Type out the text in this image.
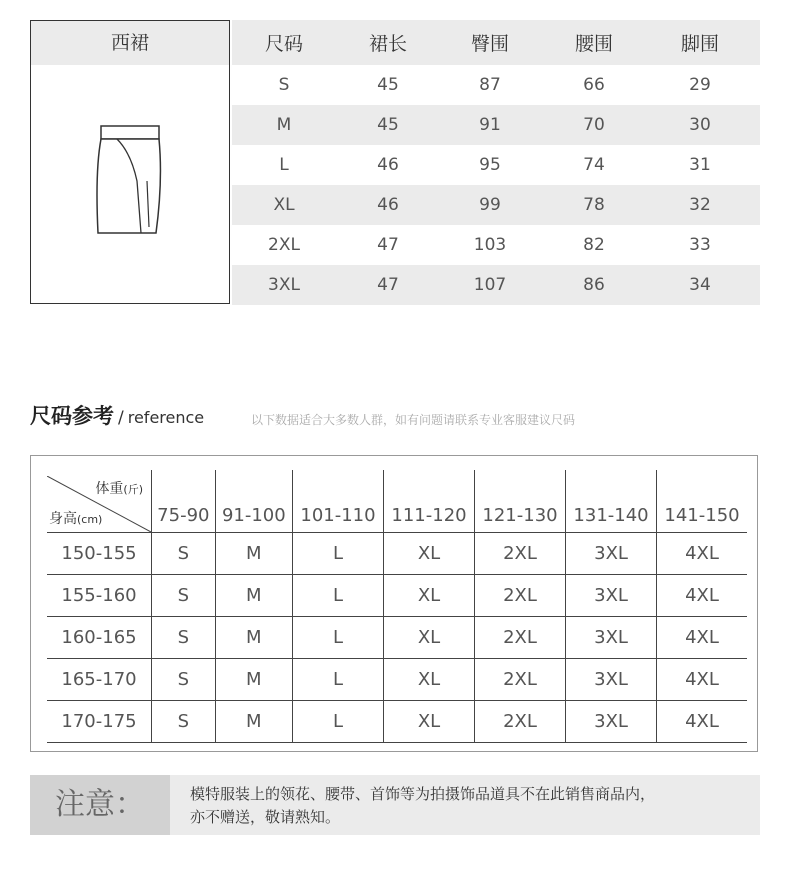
西裙	尺码	裙长	臀围	腰围	脚围
S	45	87	66	29
M	45	91	70	30
L	46	95	74	31
XL	46	99	78	32
2XL	47	103	82	33
3XL	47	107	86	34
尺码参考 / reference	以下数据适合大多数人群，如有问题请联系专业客服建议尺码
体重(斤)
身高(cm)	75-90	91-100	101-110	111-120	121-130	131-140	141-150
150-155	S	M	L	XL	2XL	3XL	4XL
155-160	S	M	L	XL	2XL	3XL	4XL
160-165	S	M	L	XL	2XL	3XL	4XL
165-170	S	M	L	XL	2XL	3XL	4XL
170-175	S	M	L	XL	2XL	3XL	4XL
注意：	模特服装上的领花、腰带、首饰等为拍摄饰品道具不在此销售商品内，
亦不赠送，敬请熟知。
